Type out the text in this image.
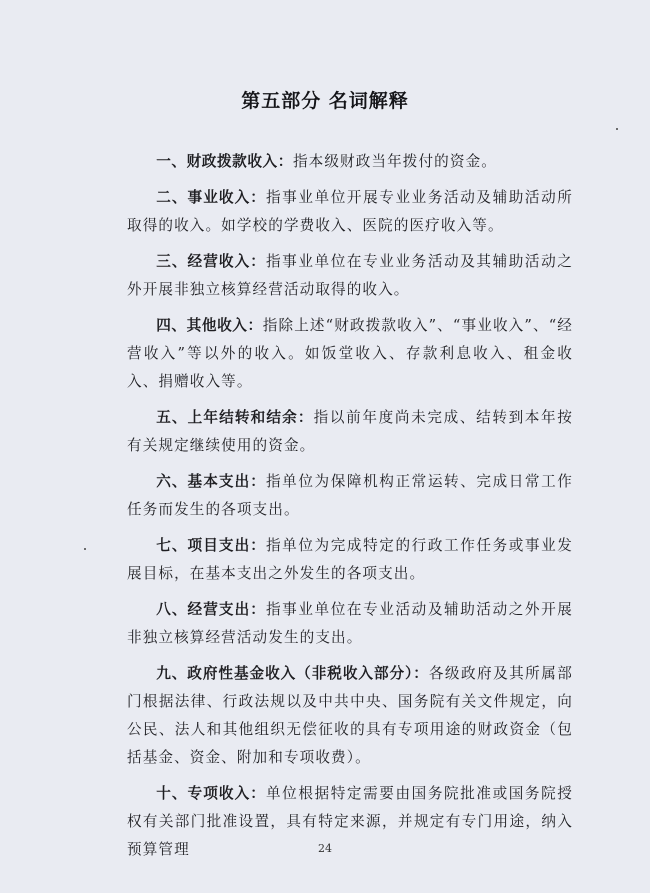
第五部分 名词解释

一、财政拨款收入：指本级财政当年拨付的资金。

二、事业收入：指事业单位开展专业业务活动及辅助活动所取得的收入。如学校的学费收入、医院的医疗收入等。

三、经营收入：指事业单位在专业业务活动及其辅助活动之外开展非独立核算经营活动取得的收入。

四、其他收入：指除上述“财政拨款收入”、“事业收入”、“经营收入”等以外的收入。如饭堂收入、存款利息收入、租金收入、捐赠收入等。

五、上年结转和结余：指以前年度尚未完成、结转到本年按有关规定继续使用的资金。

六、基本支出：指单位为保障机构正常运转、完成日常工作任务而发生的各项支出。

七、项目支出：指单位为完成特定的行政工作任务或事业发展目标，在基本支出之外发生的各项支出。

八、经营支出：指事业单位在专业活动及辅助活动之外开展非独立核算经营活动发生的支出。

九、政府性基金收入（非税收入部分）：各级政府及其所属部门根据法律、行政法规以及中共中央、国务院有关文件规定，向公民、法人和其他组织无偿征收的具有专项用途的财政资金（包括基金、资金、附加和专项收费）。

十、专项收入：单位根据特定需要由国务院批准或国务院授权有关部门批准设置，具有特定来源，并规定有专门用途，纳入预算管理	24
